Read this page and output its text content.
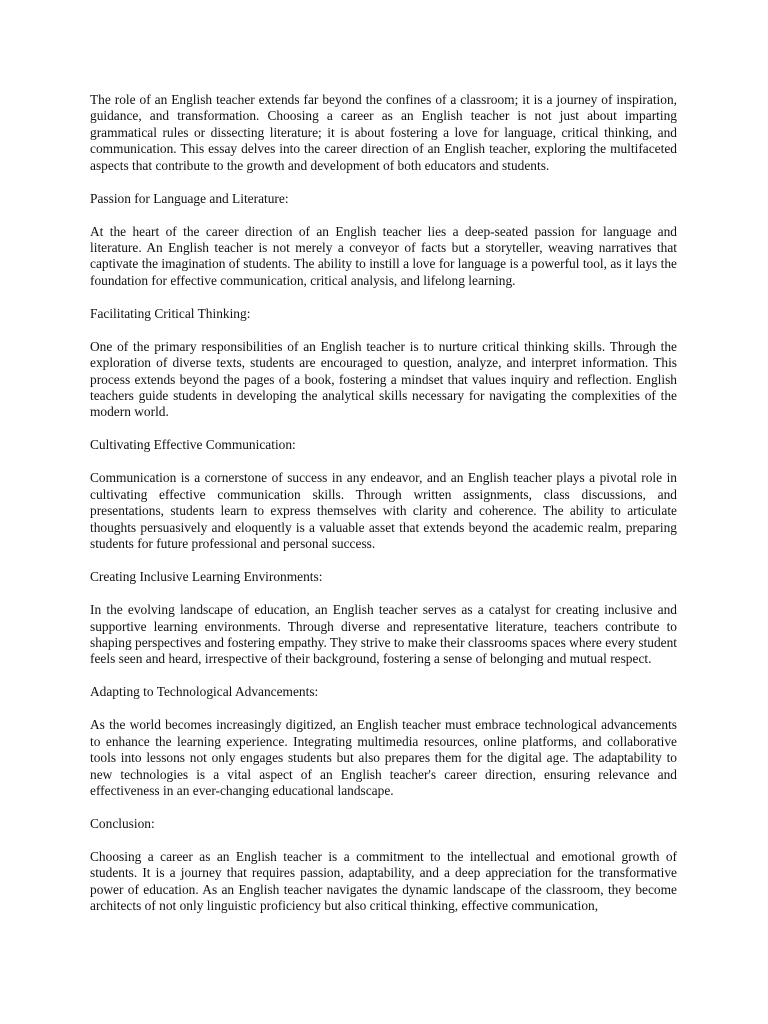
The role of an English teacher extends far beyond the confines of a classroom; it is a journey of inspiration, guidance, and transformation. Choosing a career as an English teacher is not just about imparting grammatical rules or dissecting literature; it is about fostering a love for language, critical thinking, and communication. This essay delves into the career direction of an English teacher, exploring the multifaceted aspects that contribute to the growth and development of both educators and students.

Passion for Language and Literature:

At the heart of the career direction of an English teacher lies a deep-seated passion for language and literature. An English teacher is not merely a conveyor of facts but a storyteller, weaving narratives that captivate the imagination of students. The ability to instill a love for language is a powerful tool, as it lays the foundation for effective communication, critical analysis, and lifelong learning.

Facilitating Critical Thinking:

One of the primary responsibilities of an English teacher is to nurture critical thinking skills. Through the exploration of diverse texts, students are encouraged to question, analyze, and interpret information. This process extends beyond the pages of a book, fostering a mindset that values inquiry and reflection. English teachers guide students in developing the analytical skills necessary for navigating the complexities of the modern world.

Cultivating Effective Communication:

Communication is a cornerstone of success in any endeavor, and an English teacher plays a pivotal role in cultivating effective communication skills. Through written assignments, class discussions, and presentations, students learn to express themselves with clarity and coherence. The ability to articulate thoughts persuasively and eloquently is a valuable asset that extends beyond the academic realm, preparing students for future professional and personal success.

Creating Inclusive Learning Environments:

In the evolving landscape of education, an English teacher serves as a catalyst for creating inclusive and supportive learning environments. Through diverse and representative literature, teachers contribute to shaping perspectives and fostering empathy. They strive to make their classrooms spaces where every student feels seen and heard, irrespective of their background, fostering a sense of belonging and mutual respect.

Adapting to Technological Advancements:

As the world becomes increasingly digitized, an English teacher must embrace technological advancements to enhance the learning experience. Integrating multimedia resources, online platforms, and collaborative tools into lessons not only engages students but also prepares them for the digital age. The adaptability to new technologies is a vital aspect of an English teacher's career direction, ensuring relevance and effectiveness in an ever-changing educational landscape.

Conclusion:

Choosing a career as an English teacher is a commitment to the intellectual and emotional growth of students. It is a journey that requires passion, adaptability, and a deep appreciation for the transformative power of education. As an English teacher navigates the dynamic landscape of the classroom, they become architects of not only linguistic proficiency but also critical thinking, effective communication,
